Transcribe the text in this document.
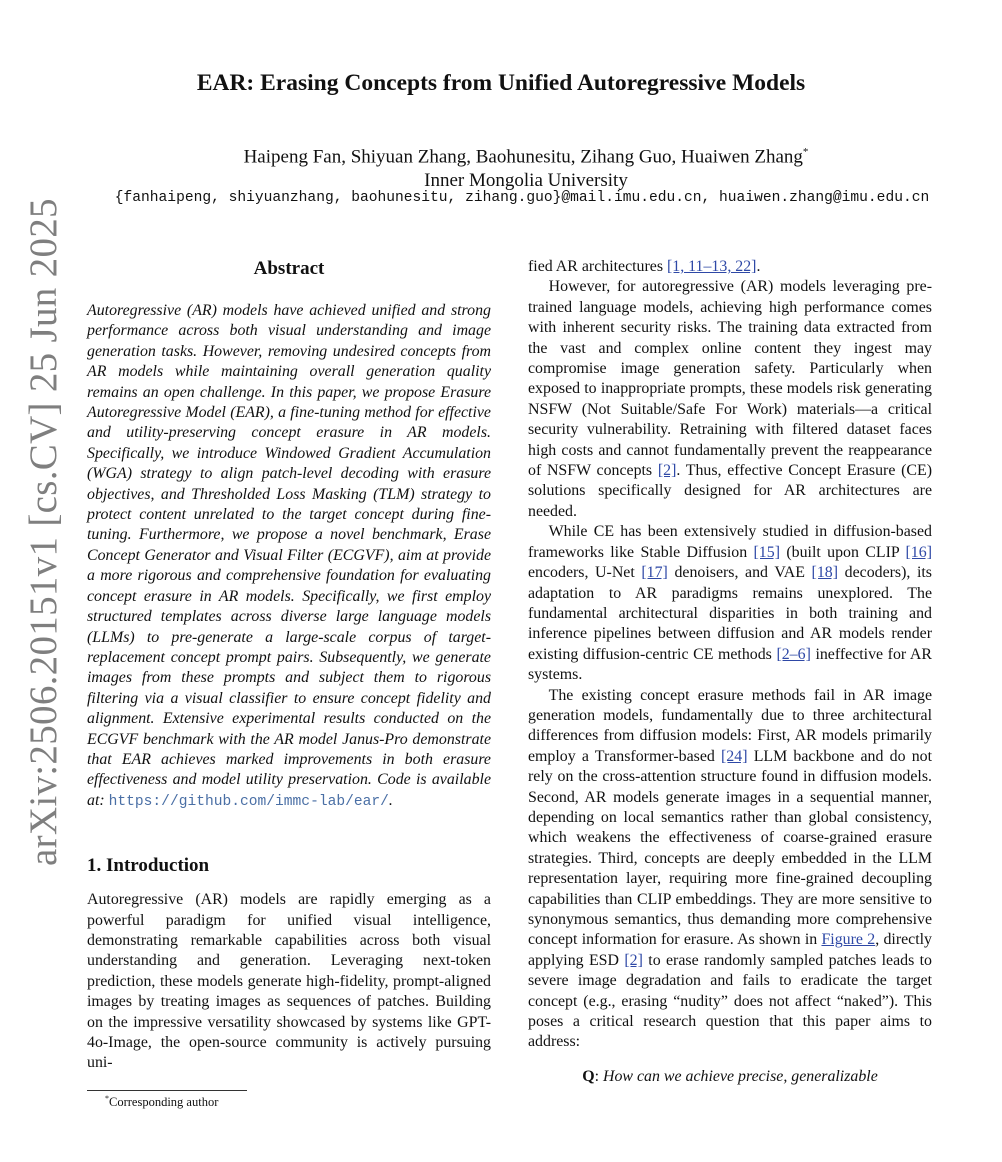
arXiv:2506.20151v1 [cs.CV] 25 Jun 2025
EAR: Erasing Concepts from Unified Autoregressive Models
Haipeng Fan, Shiyuan Zhang, Baohunesitu, Zihang Guo, Huaiwen Zhang*
Inner Mongolia University
{fanhaipeng, shiyuanzhang, baohunesitu, zihang.guo}@mail.imu.edu.cn, huaiwen.zhang@imu.edu.cn
Abstract

Autoregressive (AR) models have achieved unified and strong performance across both visual understanding and image generation tasks. However, removing undesired concepts from AR models while maintaining overall generation quality remains an open challenge. In this paper, we propose Erasure Autoregressive Model (EAR), a fine-tuning method for effective and utility-preserving concept erasure in AR models. Specifically, we introduce Windowed Gradient Accumulation (WGA) strategy to align patch-level decoding with erasure objectives, and Thresholded Loss Masking (TLM) strategy to protect content unrelated to the target concept during fine-tuning. Furthermore, we propose a novel benchmark, Erase Concept Generator and Visual Filter (ECGVF), aim at provide a more rigorous and comprehensive foundation for evaluating concept erasure in AR models. Specifically, we first employ structured templates across diverse large language models (LLMs) to pre-generate a large-scale corpus of target-replacement concept prompt pairs. Subsequently, we generate images from these prompts and subject them to rigorous filtering via a visual classifier to ensure concept fidelity and alignment. Extensive experimental results conducted on the ECGVF benchmark with the AR model Janus-Pro demonstrate that EAR achieves marked improvements in both erasure effectiveness and model utility preservation. Code is available at: https://github.com/immc-lab/ear/.

1. Introduction

Autoregressive (AR) models are rapidly emerging as a powerful paradigm for unified visual intelligence, demonstrating remarkable capabilities across both visual understanding and generation. Leveraging next-token prediction, these models generate high-fidelity, prompt-aligned images by treating images as sequences of patches. Building on the impressive versatility showcased by systems like GPT-4o-Image, the open-source community is actively pursuing uni-

*Corresponding author

fied AR architectures [1, 11–13, 22].

However, for autoregressive (AR) models leveraging pre-trained language models, achieving high performance comes with inherent security risks. The training data extracted from the vast and complex online content they ingest may compromise image generation safety. Particularly when exposed to inappropriate prompts, these models risk generating NSFW (Not Suitable/Safe For Work) materials—a critical security vulnerability. Retraining with filtered dataset faces high costs and cannot fundamentally prevent the reappearance of NSFW concepts [2]. Thus, effective Concept Erasure (CE) solutions specifically designed for AR architectures are needed.

While CE has been extensively studied in diffusion-based frameworks like Stable Diffusion [15] (built upon CLIP [16] encoders, U-Net [17] denoisers, and VAE [18] decoders), its adaptation to AR paradigms remains unexplored. The fundamental architectural disparities in both training and inference pipelines between diffusion and AR models render existing diffusion-centric CE methods [2–6] ineffective for AR systems.

The existing concept erasure methods fail in AR image generation models, fundamentally due to three architectural differences from diffusion models: First, AR models primarily employ a Transformer-based [24] LLM backbone and do not rely on the cross-attention structure found in diffusion models. Second, AR models generate images in a sequential manner, depending on local semantics rather than global consistency, which weakens the effectiveness of coarse-grained erasure strategies. Third, concepts are deeply embedded in the LLM representation layer, requiring more fine-grained decoupling capabilities than CLIP embeddings. They are more sensitive to synonymous semantics, thus demanding more comprehensive concept information for erasure. As shown in Figure 2, directly applying ESD [2] to erase randomly sampled patches leads to severe image degradation and fails to eradicate the target concept (e.g., erasing “nudity” does not affect “naked”). This poses a critical research question that this paper aims to address:

Q: How can we achieve precise, generalizable
